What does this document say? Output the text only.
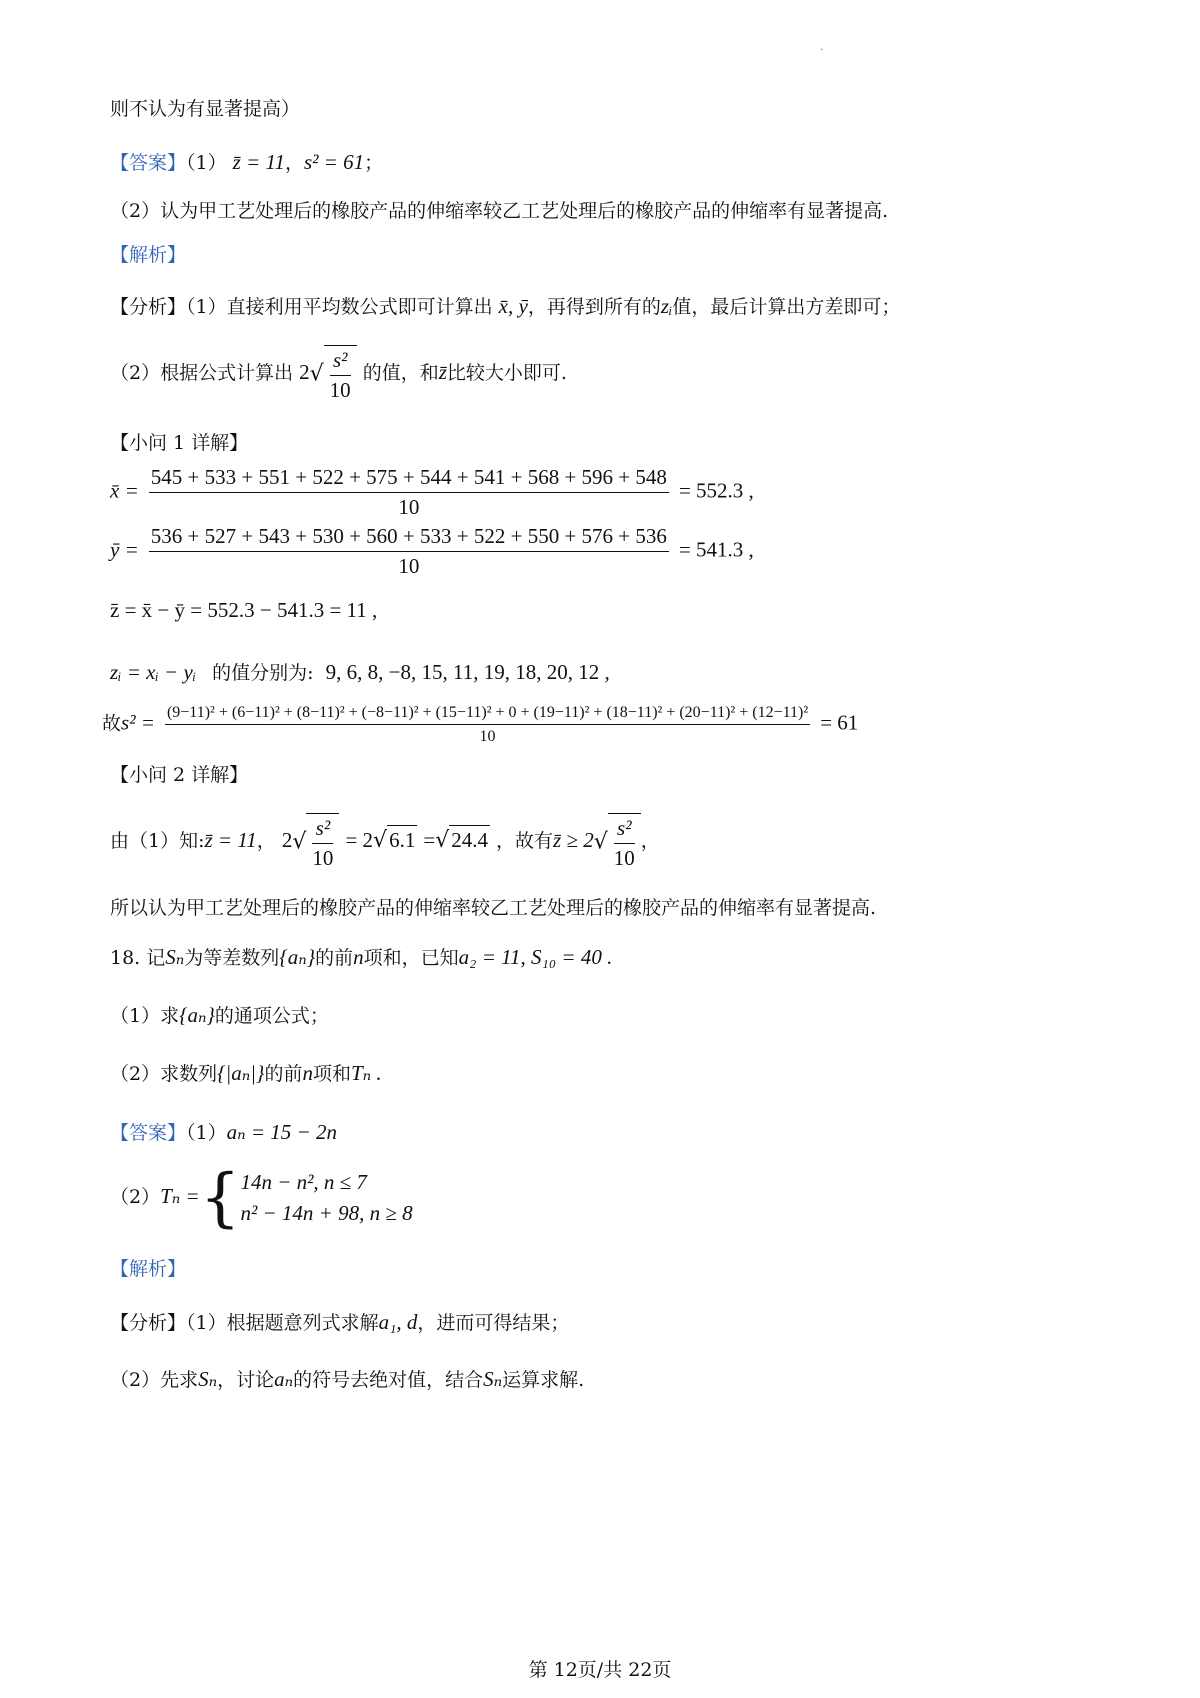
·
则不认为有显著提高）
【答案】（1） z̄ = 11，s² = 61；
（2）认为甲工艺处理后的橡胶产品的伸缩率较乙工艺处理后的橡胶产品的伸缩率有显著提高.
【解析】
【分析】（1）直接利用平均数公式即可计算出 x̄, ȳ，再得到所有的zᵢ值，最后计算出方差即可；
（2）根据公式计算出 $2√ \frac{\text{s²}}{10}$ 的值，和z̄比较大小即可.
【小问 1 详解】
x̄ = $\frac{545 + 533 + 551 + 522 + 575 + 544 + 541 + 568 + 596 + 548}{10} = 552.3$ ,
ȳ = $\frac{536 + 527 + 543 + 530 + 560 + 533 + 522 + 550 + 576 + 536}{10} = 541.3$ ,
z̄ = x̄ − ȳ = 552.3 − 541.3 = 11 ,
zᵢ = xᵢ − yᵢ 的值分别为: 9, 6, 8, −8, 15, 11, 19, 18, 20, 12 ,
故s² = (9−11)² + (6−11)² + (8−11)² + (−8−11)² + (15−11)² + 0 + (19−11)² + (18−11)² + (20−11)² + (12−11)²
10
= 61
【小问 2 详解】
由（1）知:z̄ = 11， $2√ \frac{\text{s²}}{10} = 2√6.1 =√24.4$ ，故有z̄ ≥ $2√ \frac{\text{s²}}{10}$ ，
所以认为甲工艺处理后的橡胶产品的伸缩率较乙工艺处理后的橡胶产品的伸缩率有显著提高.
18. 记Sₙ为等差数列{aₙ}的前n项和，已知a₂ = 11, S₁₀ = 40 .
（1）求{aₙ}的通项公式；
（2）求数列{|aₙ|}的前n项和Tₙ .
【答案】（1）aₙ = 15 − 2n
（2）Tₙ ={ 14n − n², n ≤ 7
n² − 14n + 98, n ≥ 8
【解析】
【分析】（1）根据题意列式求解a₁, d，进而可得结果；
（2）先求Sₙ，讨论aₙ的符号去绝对值，结合Sₙ运算求解.
第 12页/共 22页
